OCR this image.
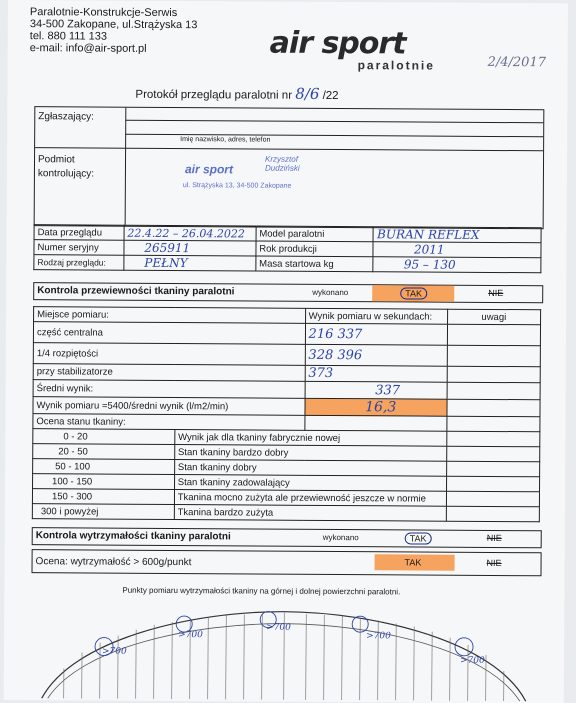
Paralotnie-Konstrukcje-Serwis
34-500 Zakopane, ul.Strążyska 13
tel. 880 111 133
e-mail: info@air-sport.pl	air sport
paralotnie	2/4/2017
Protokół przeglądu paralotni nr 8/6 /22
Zgłaszający:
Imię nazwisko, adres, telefon
Podmiot
kontrolujący:
Krzysztof
Dudziński
air sport
ul. Strążyska 13, 34-500 Zakopane
Data przeglądu	22.4.22 – 26.04.2022	Model paralotni	BURAN REFLEX
Numer seryjny	265911	Rok produkcji	2011
Rodzaj przeglądu:	PEŁNY	Masa startowa kg	95 – 130
Kontrola przewiewności tkaniny paralotni	wykonano	TAK	NIE
Miejsce pomiaru:		Wynik pomiaru w sekundach:	uwagi
część centralna		216 337	
1/4 rozpiętości		328 396	
przy stabilizatorze		373	
Średni wynik:		337	
Wynik pomiaru =5400/średni wynik (l/m2/min)		16,3	
Ocena stanu tkaniny:			
0 - 20	Wynik jak dla tkaniny fabrycznie nowej		
20 - 50	Stan tkaniny bardzo dobry		
50 - 100	Stan tkaniny dobry		
100 - 150	Stan tkaniny zadowalający		
150 - 300	Tkanina mocno zużyta ale przewiewność jeszcze w normie		
300 i powyżej	Tkanina bardzo zużyta		
Kontrola wytrzymałości tkaniny paralotni	wykonano	TAK	NIE
Ocena: wytrzymałość > 600g/punkt	TAK	NIE
Punkty pomiaru wytrzymałości tkaniny na górnej i dolnej powierzchni paralotni.
>700
>700
>700
>700
>700
